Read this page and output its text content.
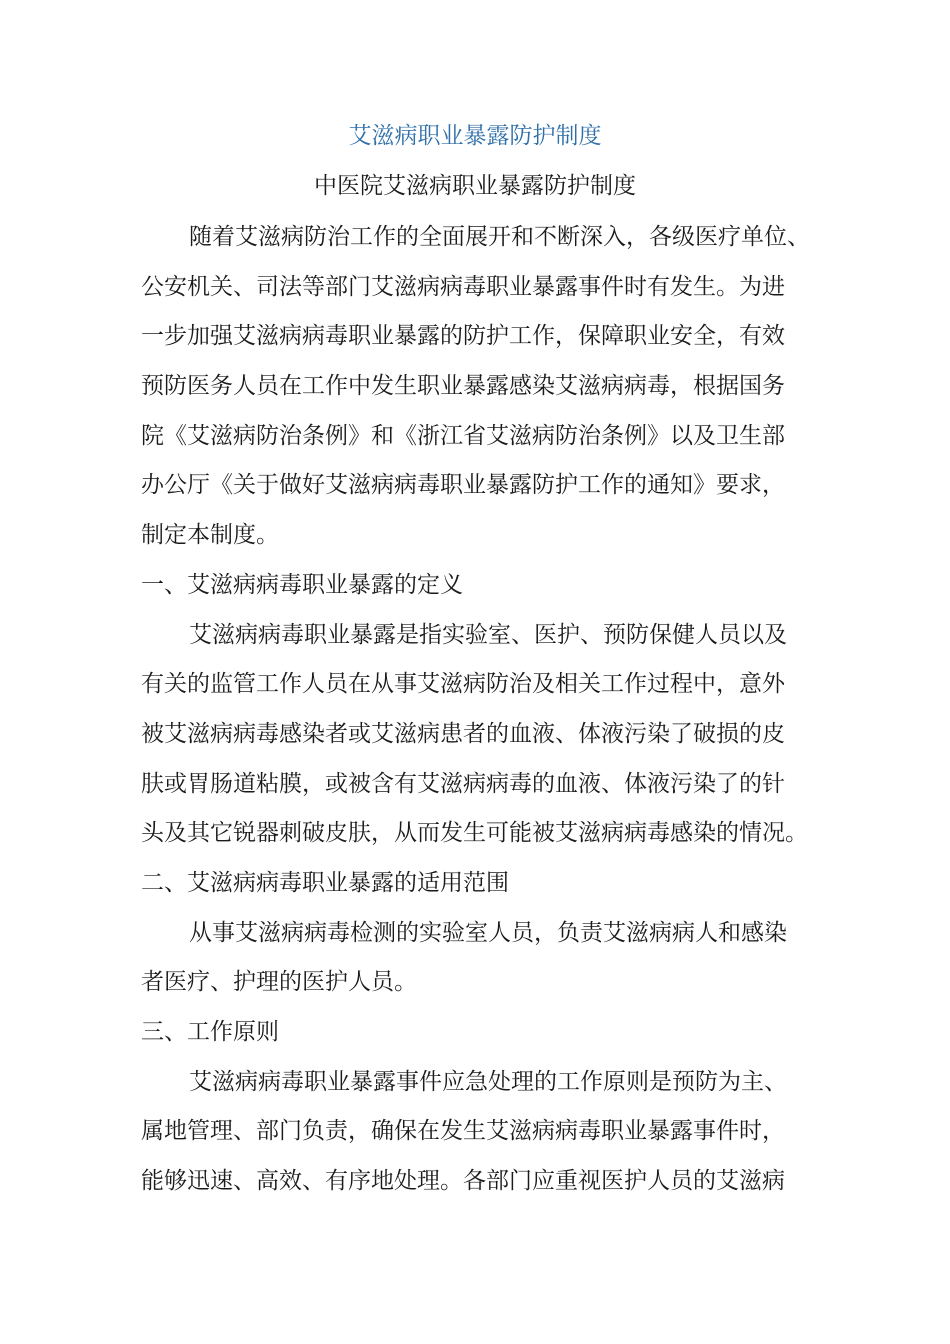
艾滋病职业暴露防护制度
中医院艾滋病职业暴露防护制度
随着艾滋病防治工作的全面展开和不断深入，各级医疗单位、
公安机关、司法等部门艾滋病病毒职业暴露事件时有发生。为进
一步加强艾滋病病毒职业暴露的防护工作，保障职业安全，有效
预防医务人员在工作中发生职业暴露感染艾滋病病毒，根据国务
院《艾滋病防治条例》和《浙江省艾滋病防治条例》以及卫生部
办公厅《关于做好艾滋病病毒职业暴露防护工作的通知》要求，
制定本制度。
一、艾滋病病毒职业暴露的定义
艾滋病病毒职业暴露是指实验室、医护、预防保健人员以及
有关的监管工作人员在从事艾滋病防治及相关工作过程中，意外
被艾滋病病毒感染者或艾滋病患者的血液、体液污染了破损的皮
肤或胃肠道粘膜，或被含有艾滋病病毒的血液、体液污染了的针
头及其它锐器刺破皮肤，从而发生可能被艾滋病病毒感染的情况。
二、艾滋病病毒职业暴露的适用范围
从事艾滋病病毒检测的实验室人员，负责艾滋病病人和感染
者医疗、护理的医护人员。
三、工作原则
艾滋病病毒职业暴露事件应急处理的工作原则是预防为主、
属地管理、部门负责，确保在发生艾滋病病毒职业暴露事件时，
能够迅速、高效、有序地处理。各部门应重视医护人员的艾滋病
